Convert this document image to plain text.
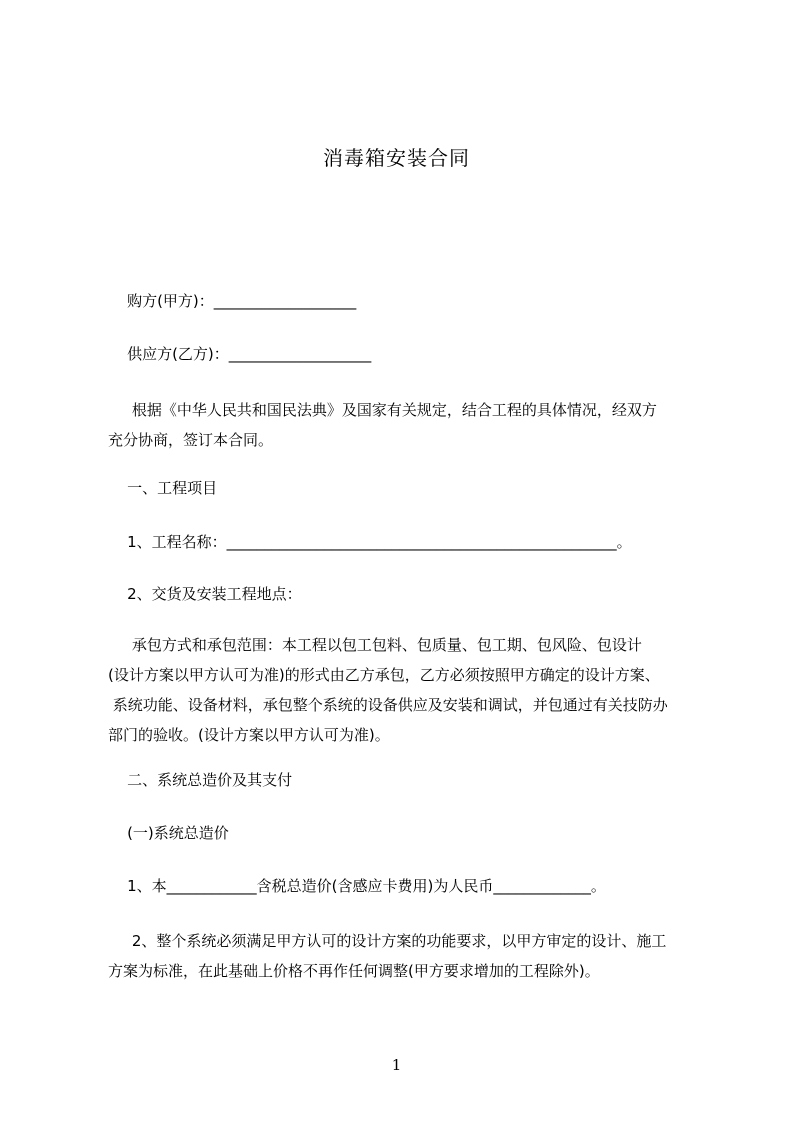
消毒箱安装合同
购方(甲方)：___________________
供应方(乙方)：___________________
根据《中华人民共和国民法典》及国家有关规定，结合工程的具体情况，经双方
充分协商，签订本合同。
一、工程项目
1、工程名称：____________________________________________________。
2、交货及安装工程地点：
承包方式和承包范围：本工程以包工包料、包质量、包工期、包风险、包设计
(设计方案以甲方认可为准)的形式由乙方承包，乙方必须按照甲方确定的设计方案、
系统功能、设备材料，承包整个系统的设备供应及安装和调试，并包通过有关技防办
部门的验收。(设计方案以甲方认可为准)。
二、系统总造价及其支付
(一)系统总造价
1、本____________含税总造价(含感应卡费用)为人民币_____________。
2、整个系统必须满足甲方认可的设计方案的功能要求，以甲方审定的设计、施工
方案为标准，在此基础上价格不再作任何调整(甲方要求增加的工程除外)。
1
